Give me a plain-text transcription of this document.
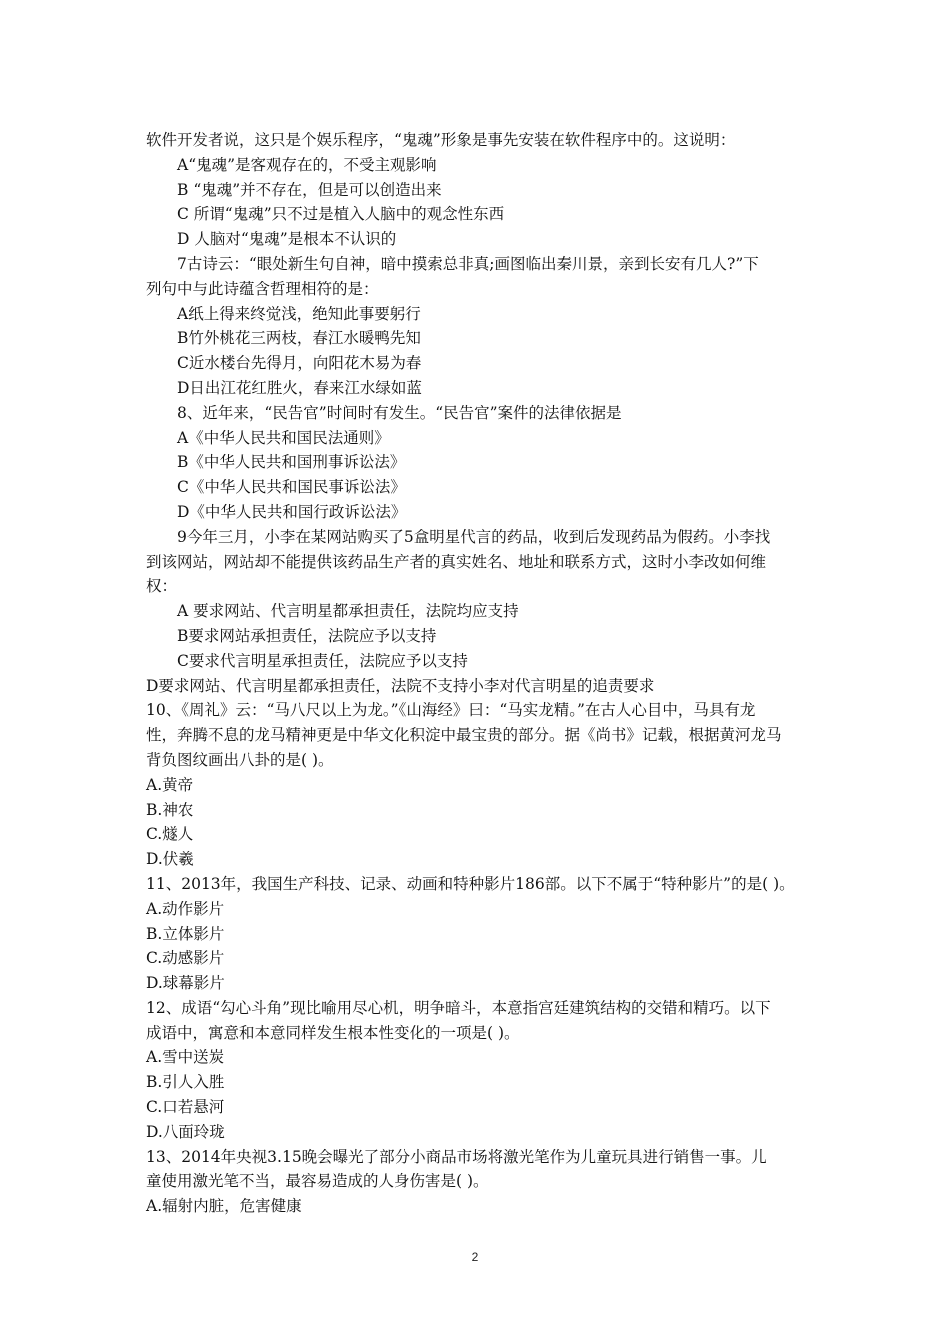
软件开发者说，这只是个娱乐程序，“鬼魂”形象是事先安装在软件程序中的。这说明：
A“鬼魂”是客观存在的，不受主观影响
B “鬼魂”并不存在，但是可以创造出来
C 所谓“鬼魂”只不过是植入人脑中的观念性东西
D 人脑对“鬼魂”是根本不认识的
7古诗云：“眼处新生句自神，暗中摸索总非真;画图临出秦川景，亲到长安有几人?”下
列句中与此诗蕴含哲理相符的是：
A纸上得来终觉浅，绝知此事要躬行
B竹外桃花三两枝，春江水暖鸭先知
C近水楼台先得月，向阳花木易为春
D日出江花红胜火，春来江水绿如蓝
8、近年来，“民告官”时间时有发生。“民告官”案件的法律依据是
A《中华人民共和国民法通则》
B《中华人民共和国刑事诉讼法》
C《中华人民共和国民事诉讼法》
D《中华人民共和国行政诉讼法》
9今年三月，小李在某网站购买了5盒明星代言的药品，收到后发现药品为假药。小李找
到该网站，网站却不能提供该药品生产者的真实姓名、地址和联系方式，这时小李改如何维
权：
A 要求网站、代言明星都承担责任，法院均应支持
B要求网站承担责任，法院应予以支持
C要求代言明星承担责任，法院应予以支持
D要求网站、代言明星都承担责任，法院不支持小李对代言明星的追责要求
10、《周礼》云：“马八尺以上为龙。”《山海经》曰：“马实龙精。”在古人心目中，马具有龙
性，奔腾不息的龙马精神更是中华文化积淀中最宝贵的部分。据《尚书》记载，根据黄河龙马
背负图纹画出八卦的是( )。
A.黄帝
B.神农
C.燧人
D.伏羲
11、2013年，我国生产科技、记录、动画和特种影片186部。以下不属于“特种影片”的是( )。
A.动作影片
B.立体影片
C.动感影片
D.球幕影片
12、成语“勾心斗角”现比喻用尽心机，明争暗斗，本意指宫廷建筑结构的交错和精巧。以下
成语中，寓意和本意同样发生根本性变化的一项是( )。
A.雪中送炭
B.引人入胜
C.口若悬河
D.八面玲珑
13、2014年央视3.15晚会曝光了部分小商品市场将激光笔作为儿童玩具进行销售一事。儿
童使用激光笔不当，最容易造成的人身伤害是( )。
A.辐射内脏，危害健康
2
